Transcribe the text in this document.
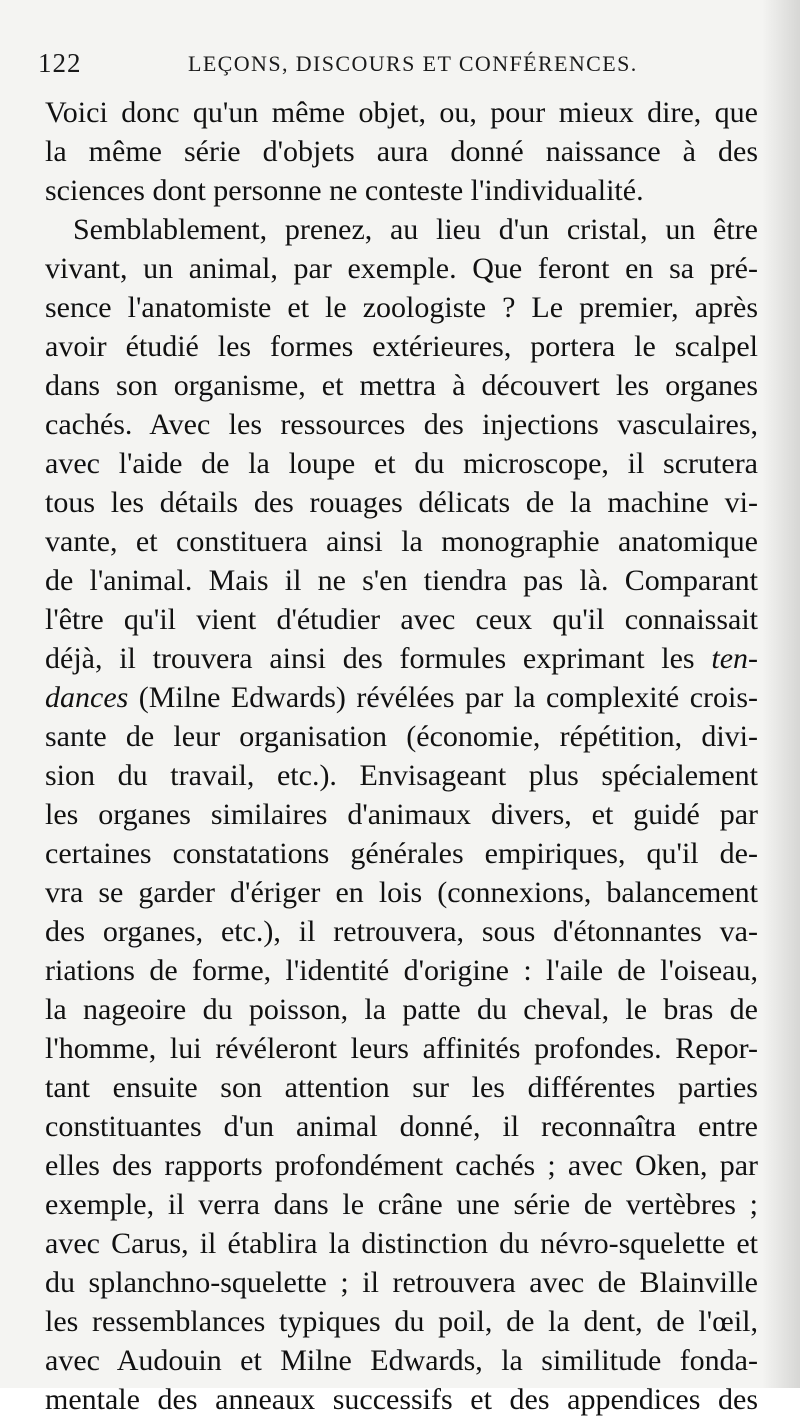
122	LEÇONS, DISCOURS ET CONFÉRENCES.
Voici donc qu'un même objet, ou, pour mieux dire, que
la même série d'objets aura donné naissance à des
sciences dont personne ne conteste l'individualité.
Semblablement, prenez, au lieu d'un cristal, un être
vivant, un animal, par exemple. Que feront en sa pré-
sence l'anatomiste et le zoologiste ? Le premier, après
avoir étudié les formes extérieures, portera le scalpel
dans son organisme, et mettra à découvert les organes
cachés. Avec les ressources des injections vasculaires,
avec l'aide de la loupe et du microscope, il scrutera
tous les détails des rouages délicats de la machine vi-
vante, et constituera ainsi la monographie anatomique
de l'animal. Mais il ne s'en tiendra pas là. Comparant
l'être qu'il vient d'étudier avec ceux qu'il connaissait
déjà, il trouvera ainsi des formules exprimant les ten-
dances (Milne Edwards) révélées par la complexité crois-
sante de leur organisation (économie, répétition, divi-
sion du travail, etc.). Envisageant plus spécialement
les organes similaires d'animaux divers, et guidé par
certaines constatations générales empiriques, qu'il de-
vra se garder d'ériger en lois (connexions, balancement
des organes, etc.), il retrouvera, sous d'étonnantes va-
riations de forme, l'identité d'origine : l'aile de l'oiseau,
la nageoire du poisson, la patte du cheval, le bras de
l'homme, lui révéleront leurs affinités profondes. Repor-
tant ensuite son attention sur les différentes parties
constituantes d'un animal donné, il reconnaîtra entre
elles des rapports profondément cachés ; avec Oken, par
exemple, il verra dans le crâne une série de vertèbres ;
avec Carus, il établira la distinction du névro-squelette et
du splanchno-squelette ; il retrouvera avec de Blainville
les ressemblances typiques du poil, de la dent, de l'œil,
avec Audouin et Milne Edwards, la similitude fonda-
mentale des anneaux successifs et des appendices des
